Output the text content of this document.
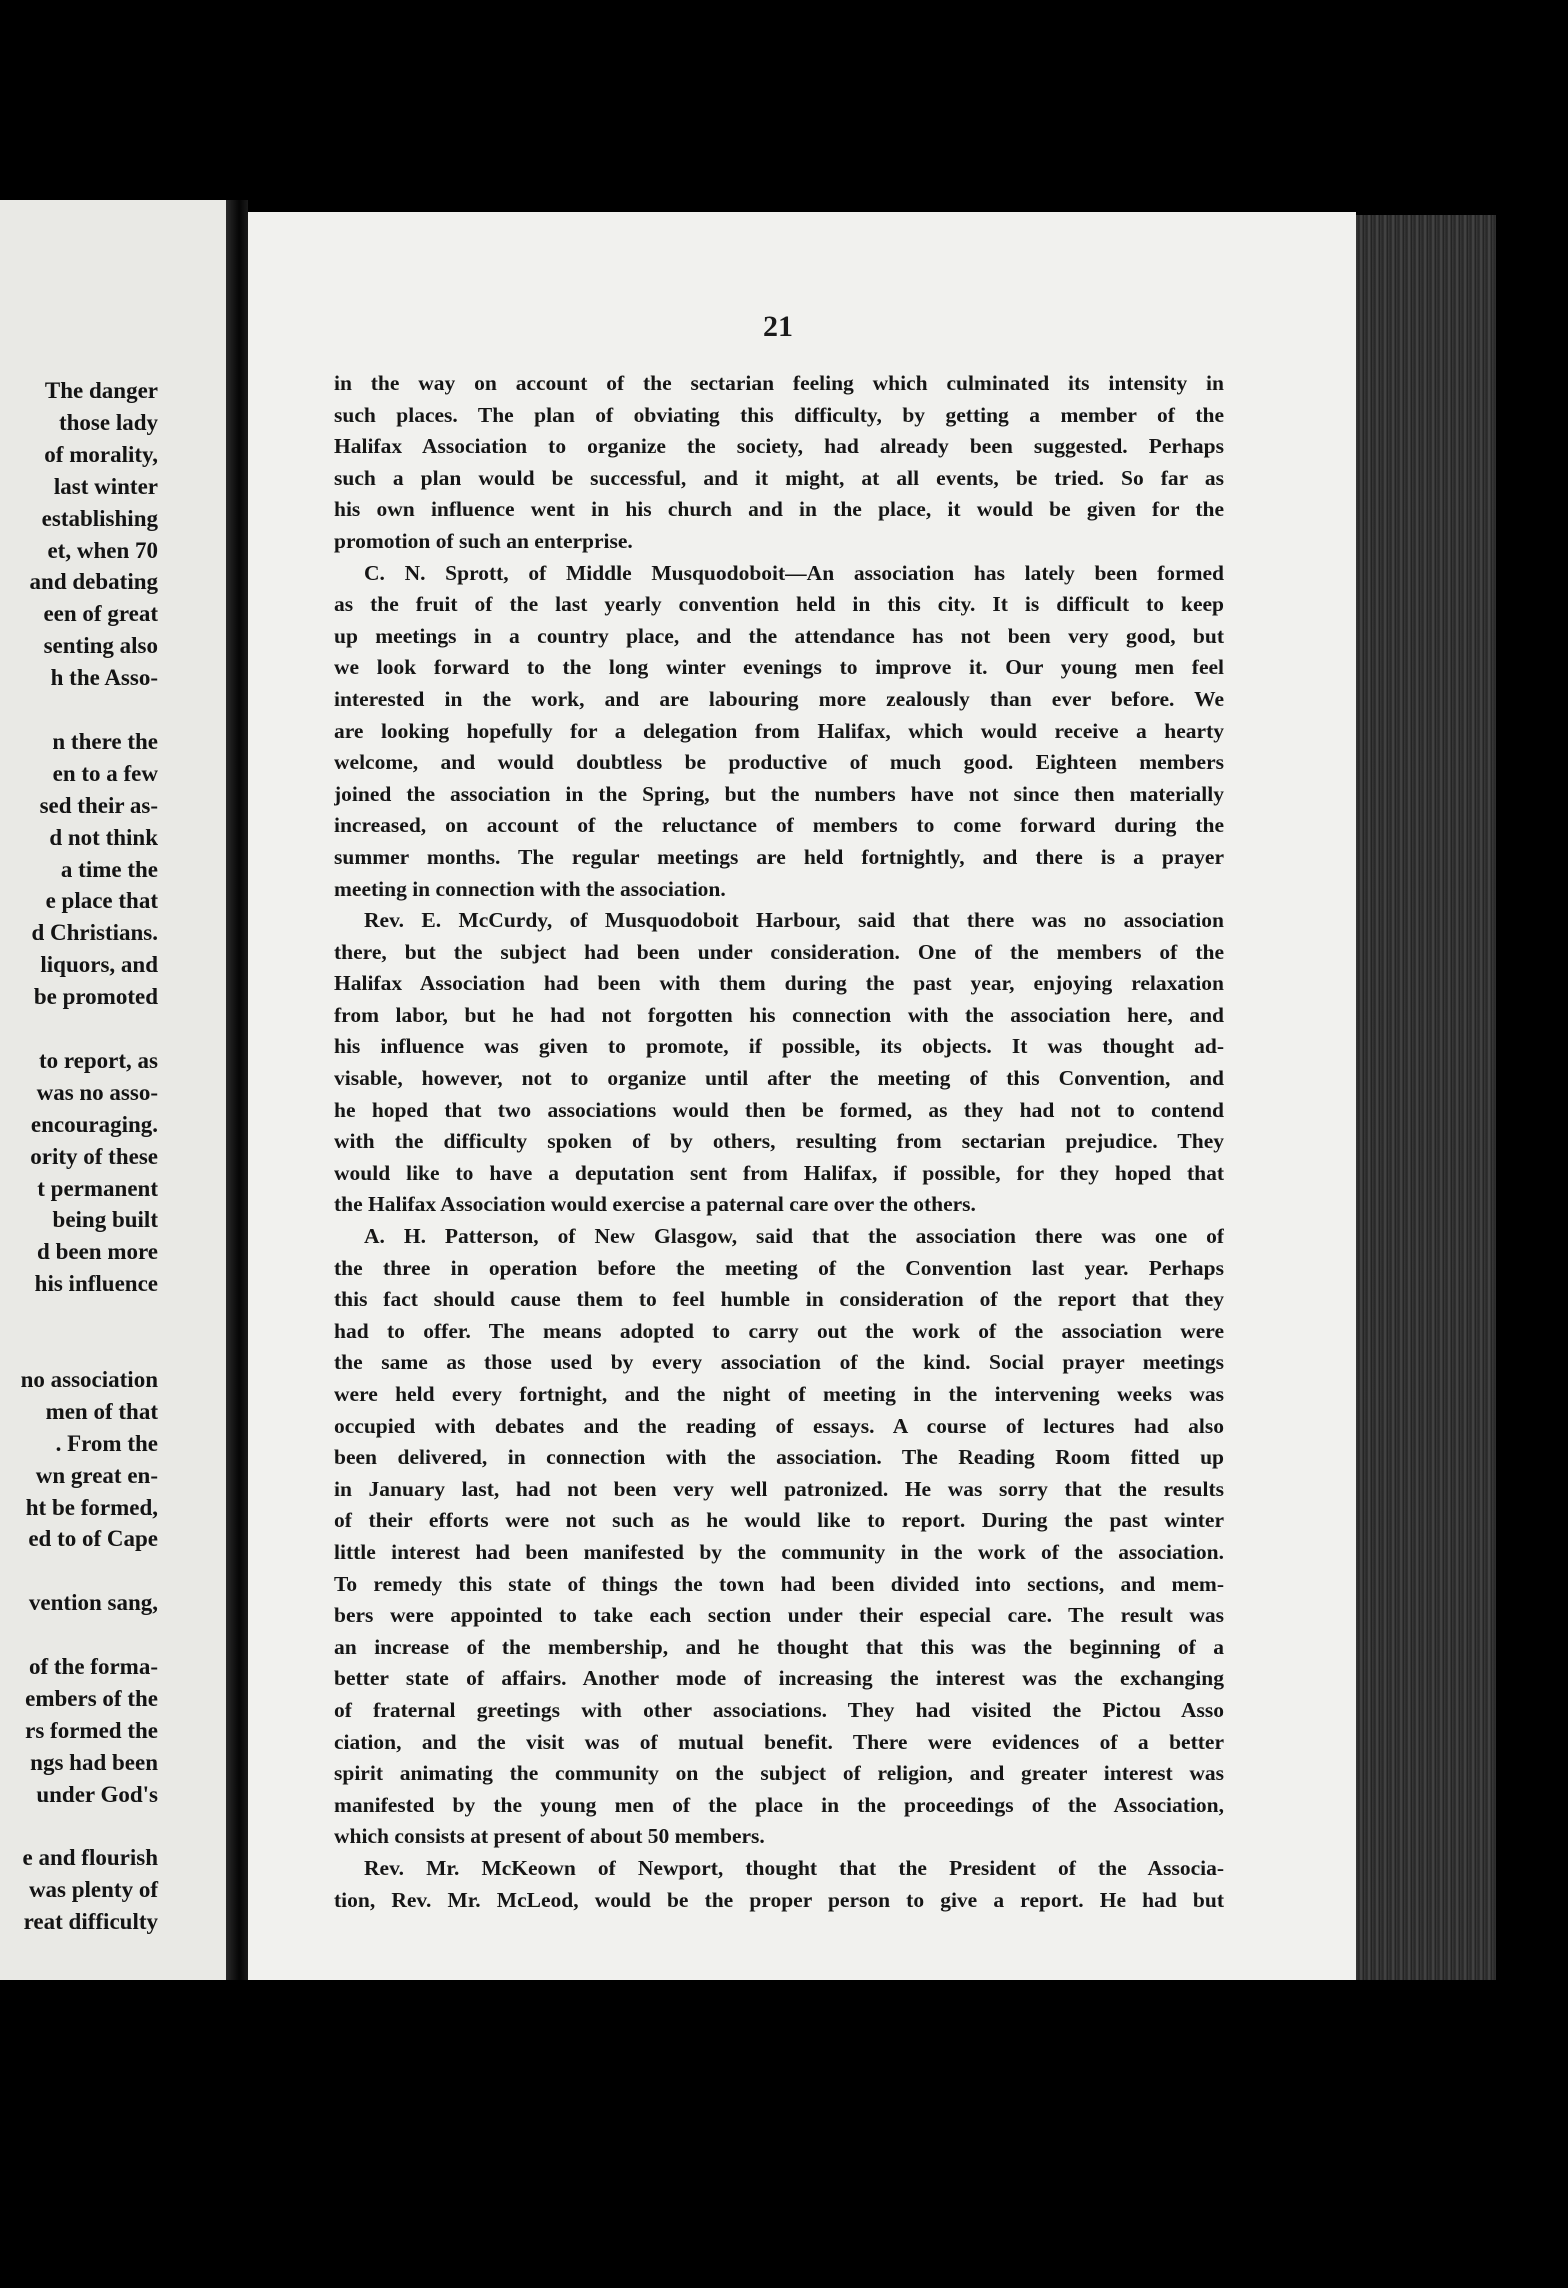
The danger
those lady
of morality,
last winter
establishing
et, when 70
and debating
een of great
senting also
h the Asso-
n there the
en to a few
sed their as-
d not think
a time the
e place that
d Christians.
liquors, and
be promoted
to report, as
was no asso-
encouraging.
ority of these
t permanent
being built
d been more
his influence
no association
men of that
. From the
wn great en-
ht be formed,
ed to of Cape
vention sang,
of the forma-
embers of the
rs formed the
ngs had been
under God's
e and flourish
was plenty of
reat difficulty
21
in the way on account of the sectarian feeling which culminated its intensity in
such places. The plan of obviating this difficulty, by getting a member of the
Halifax Association to organize the society, had already been suggested. Perhaps
such a plan would be successful, and it might, at all events, be tried. So far as
his own influence went in his church and in the place, it would be given for the
promotion of such an enterprise.
C. N. Sprott, of Middle Musquodoboit—An association has lately been formed
as the fruit of the last yearly convention held in this city. It is difficult to keep
up meetings in a country place, and the attendance has not been very good, but
we look forward to the long winter evenings to improve it. Our young men feel
interested in the work, and are labouring more zealously than ever before. We
are looking hopefully for a delegation from Halifax, which would receive a hearty
welcome, and would doubtless be productive of much good. Eighteen members
joined the association in the Spring, but the numbers have not since then materially
increased, on account of the reluctance of members to come forward during the
summer months. The regular meetings are held fortnightly, and there is a prayer
meeting in connection with the association.
Rev. E. McCurdy, of Musquodoboit Harbour, said that there was no association
there, but the subject had been under consideration. One of the members of the
Halifax Association had been with them during the past year, enjoying relaxation
from labor, but he had not forgotten his connection with the association here, and
his influence was given to promote, if possible, its objects. It was thought ad-
visable, however, not to organize until after the meeting of this Convention, and
he hoped that two associations would then be formed, as they had not to contend
with the difficulty spoken of by others, resulting from sectarian prejudice. They
would like to have a deputation sent from Halifax, if possible, for they hoped that
the Halifax Association would exercise a paternal care over the others.
A. H. Patterson, of New Glasgow, said that the association there was one of
the three in operation before the meeting of the Convention last year. Perhaps
this fact should cause them to feel humble in consideration of the report that they
had to offer. The means adopted to carry out the work of the association were
the same as those used by every association of the kind. Social prayer meetings
were held every fortnight, and the night of meeting in the intervening weeks was
occupied with debates and the reading of essays. A course of lectures had also
been delivered, in connection with the association. The Reading Room fitted up
in January last, had not been very well patronized. He was sorry that the results
of their efforts were not such as he would like to report. During the past winter
little interest had been manifested by the community in the work of the association.
To remedy this state of things the town had been divided into sections, and mem-
bers were appointed to take each section under their especial care. The result was
an increase of the membership, and he thought that this was the beginning of a
better state of affairs. Another mode of increasing the interest was the exchanging
of fraternal greetings with other associations. They had visited the Pictou Asso
ciation, and the visit was of mutual benefit. There were evidences of a better
spirit animating the community on the subject of religion, and greater interest was
manifested by the young men of the place in the proceedings of the Association,
which consists at present of about 50 members.
Rev. Mr. McKeown of Newport, thought that the President of the Associa-
tion, Rev. Mr. McLeod, would be the proper person to give a report. He had but
